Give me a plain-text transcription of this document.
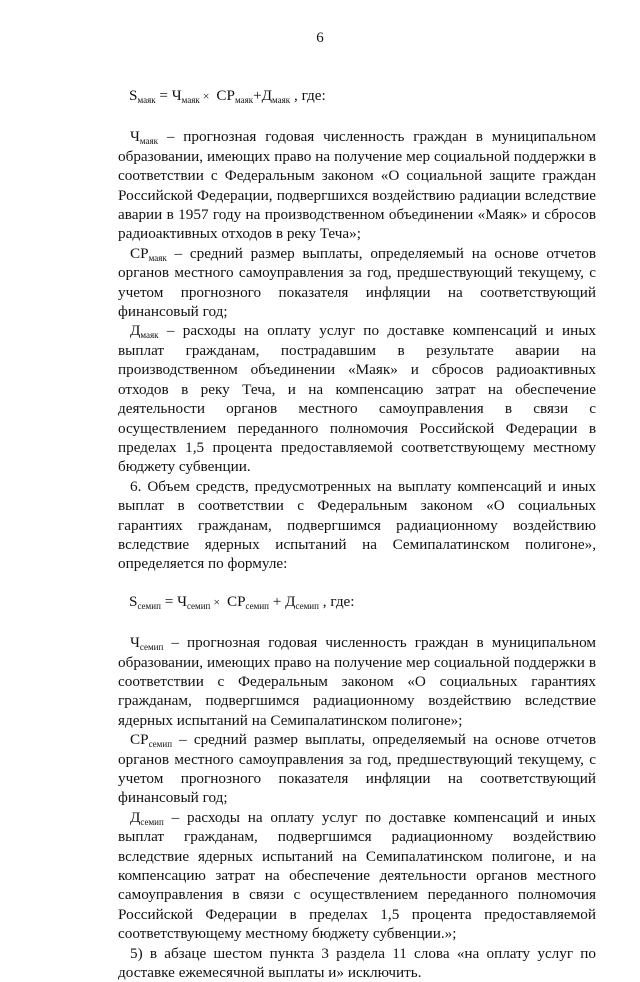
6
$S_{маяк} = Ч_{маяк} \times СР_{маяк}+Д_{маяк}$ , где:

$Ч_{маяк}$ – прогнозная годовая численность граждан в муниципальном образовании, имеющих право на получение мер социальной поддержки в соответствии с Федеральным законом «О социальной защите граждан Российской Федерации, подвергшихся воздействию радиации вследствие аварии в 1957 году на производственном объединении «Маяк» и сбросов радиоактивных отходов в реку Теча»;

$СР_{маяк}$ – средний размер выплаты, определяемый на основе отчетов органов местного самоуправления за год, предшествующий текущему, с учетом прогнозного показателя инфляции на соответствующий финансовый год;

$Д_{маяк}$ – расходы на оплату услуг по доставке компенсаций и иных выплат гражданам, пострадавшим в результате аварии на производственном объединении «Маяк» и сбросов радиоактивных отходов в реку Теча, и на компенсацию затрат на обеспечение деятельности органов местного самоуправления в связи с осуществлением переданного полномочия Российской Федерации в пределах 1,5 процента предоставляемой соответствующему местному бюджету субвенции.

6. Объем средств, предусмотренных на выплату компенсаций и иных выплат в соответствии с Федеральным законом «О социальных гарантиях гражданам, подвергшимся радиационному воздействию вследствие ядерных испытаний на Семипалатинском полигоне», определяется по формуле:

$S_{семип} = Ч_{семип} \times СР_{семип} + Д_{семип}$ , где:

$Ч_{семип}$ – прогнозная годовая численность граждан в муниципальном образовании, имеющих право на получение мер социальной поддержки в соответствии с Федеральным законом «О социальных гарантиях гражданам, подвергшимся радиационному воздействию вследствие ядерных испытаний на Семипалатинском полигоне»;

$СР_{семип}$ – средний размер выплаты, определяемый на основе отчетов органов местного самоуправления за год, предшествующий текущему, с учетом прогнозного показателя инфляции на соответствующий финансовый год;

$Д_{семип}$ – расходы на оплату услуг по доставке компенсаций и иных выплат гражданам, подвергшимся радиационному воздействию вследствие ядерных испытаний на Семипалатинском полигоне, и на компенсацию затрат на обеспечение деятельности органов местного самоуправления в связи с осуществлением переданного полномочия Российской Федерации в пределах 1,5 процента предоставляемой соответствующему местному бюджету субвенции.»;

5) в абзаце шестом пункта 3 раздела 11 слова «на оплату услуг по доставке ежемесячной выплаты и» исключить.
